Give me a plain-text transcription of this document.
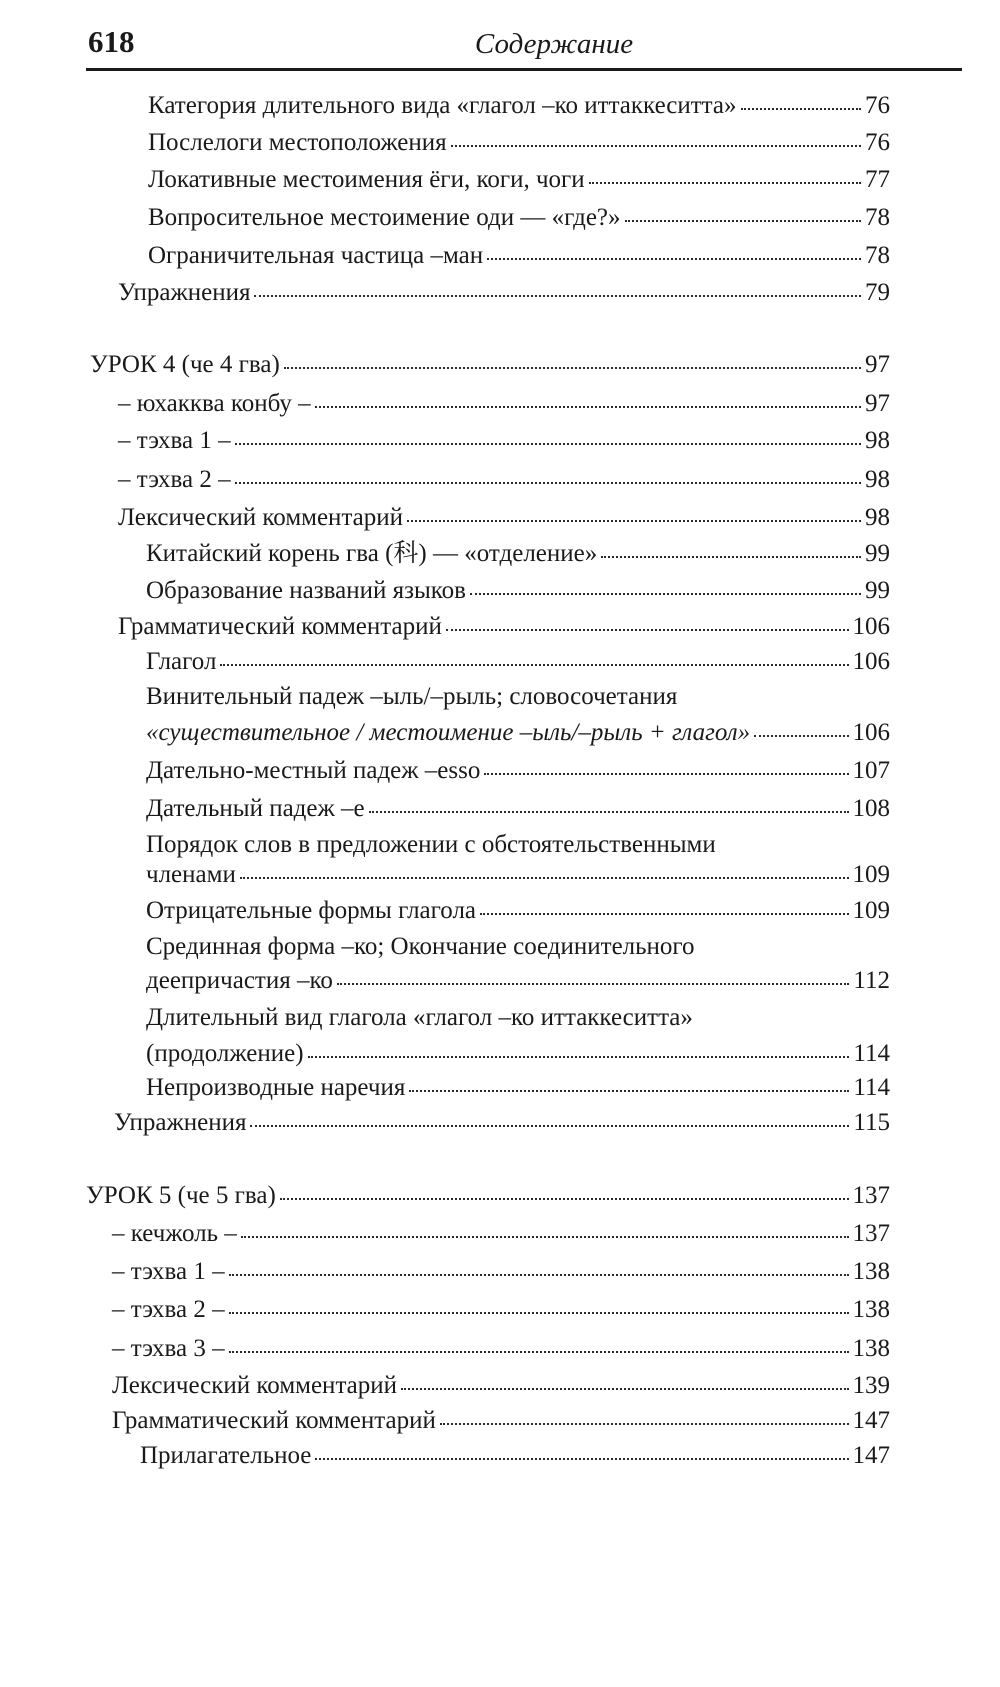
618	Содержание
Категория длительного вида «глагол –ко иттаккеситта»	76
Послелоги местоположения	76
Локативные местоимения ёги, коги, чоги	77
Вопросительное местоимение оди — «где?»	78
Ограничительная частица –ман	78
Упражнения	79
УРОК 4 (че 4 гва)	97
– юхакква конбу –	97
– тэхва 1 –	98
– тэхва 2 –	98
Лексический комментарий	98
Китайский корень гва (科) — «отделение»	99
Образование названий языков	99
Грамматический комментарий	106
Глагол	106
Винительный падеж –ыль/–рыль; словосочетания
«существительное / местоимение –ыль/–рыль + глагол»	106
Дательно-местный падеж –esso	107
Дательный падеж –e	108
Порядок слов в предложении с обстоятельственными
членами	109
Отрицательные формы глагола	109
Срединная форма –ко; Окончание соединительного
деепричастия –ко	112
Длительный вид глагола «глагол –ко иттаккеситта»
(продолжение)	114
Непроизводные наречия	114
Упражнения	115
УРОК 5 (че 5 гва)	137
– кечжоль –	137
– тэхва 1 –	138
– тэхва 2 –	138
– тэхва 3 –	138
Лексический комментарий	139
Грамматический комментарий	147
Прилагательное	147
